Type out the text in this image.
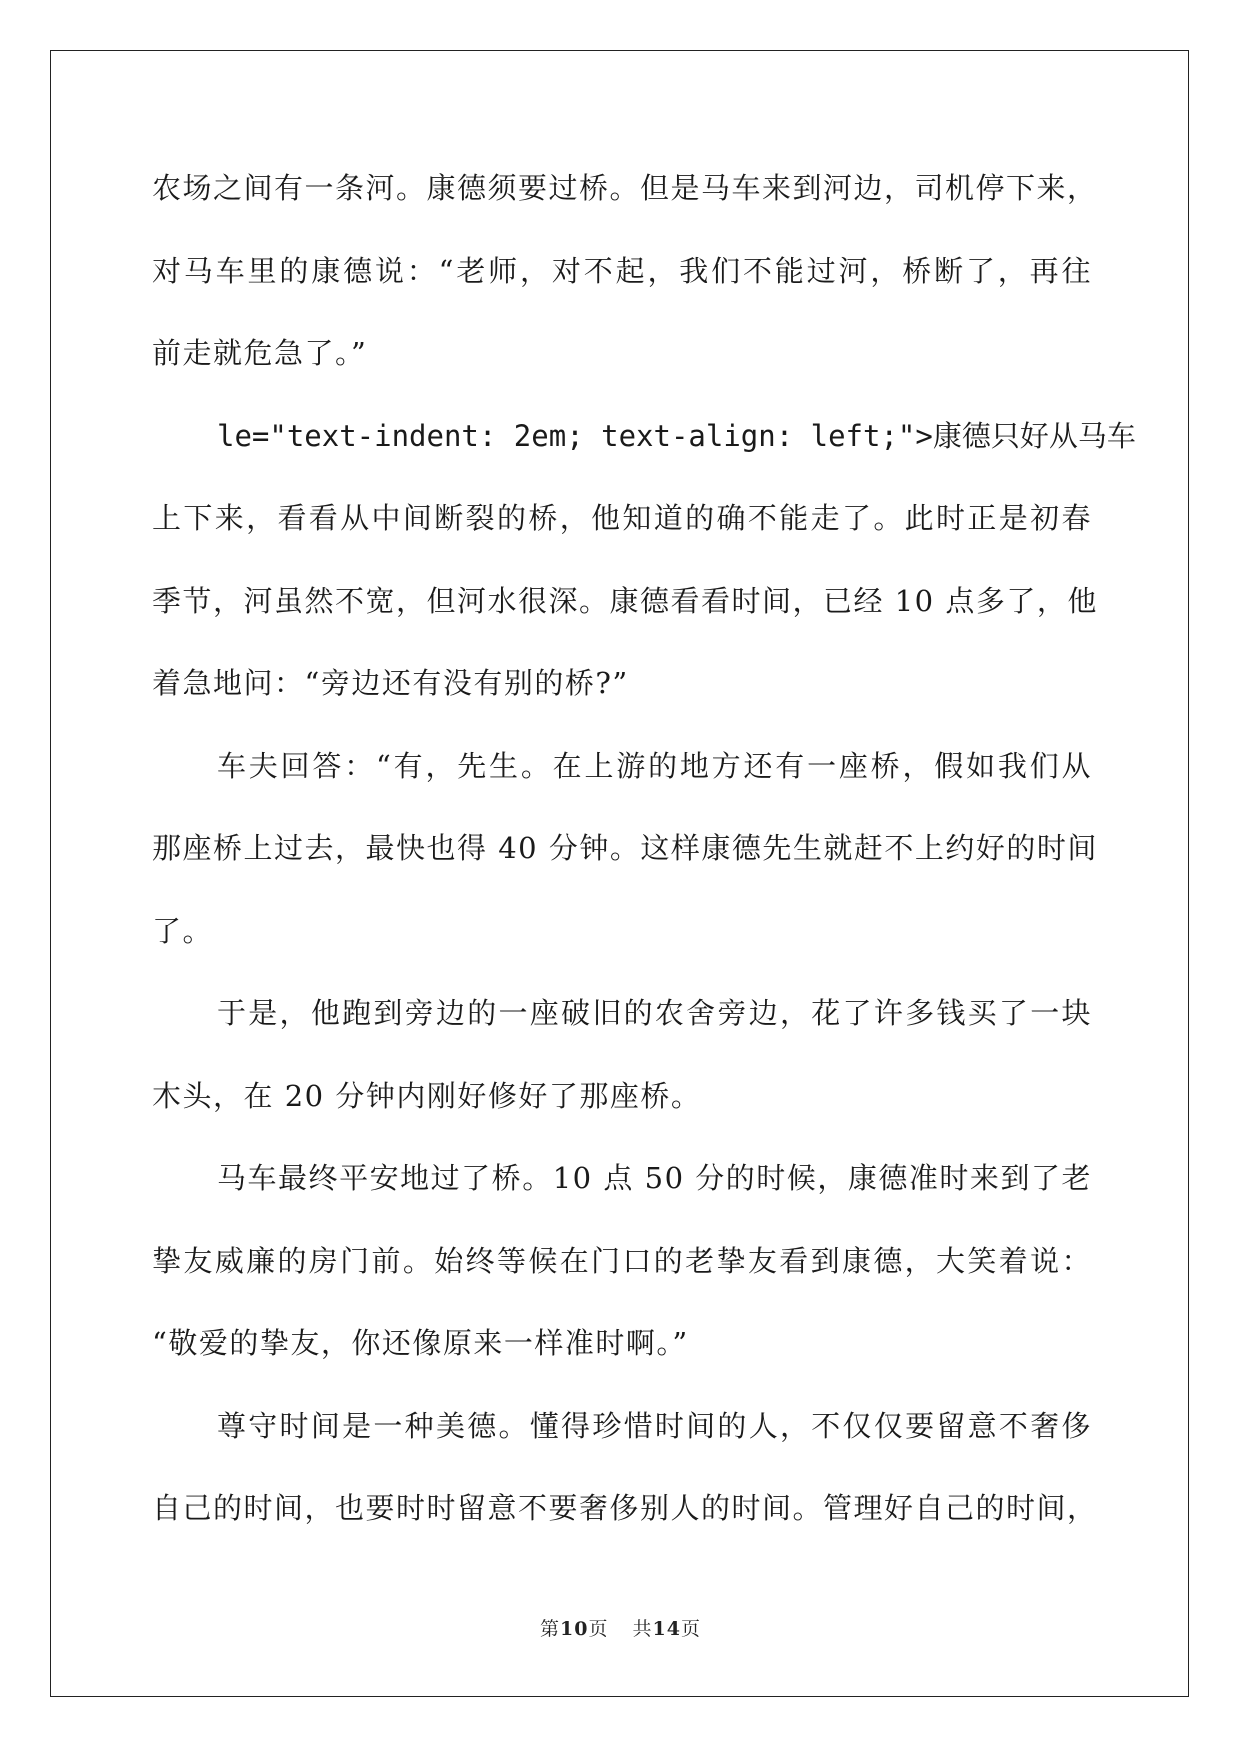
农场之间有一条河。康德须要过桥。但是马车来到河边，司机停下来，
对马车里的康德说：“老师，对不起，我们不能过河，桥断了，再往
前走就危急了。”
le="text-indent: 2em; text-align: left;">康德只好从马车
上下来，看看从中间断裂的桥，他知道的确不能走了。此时正是初春
季节，河虽然不宽，但河水很深。康德看看时间，已经 10 点多了，他
着急地问：“旁边还有没有别的桥?”
车夫回答：“有，先生。在上游的地方还有一座桥，假如我们从
那座桥上过去，最快也得 40 分钟。这样康德先生就赶不上约好的时间
了。
于是，他跑到旁边的一座破旧的农舍旁边，花了许多钱买了一块
木头，在 20 分钟内刚好修好了那座桥。
马车最终平安地过了桥。10 点 50 分的时候，康德准时来到了老
挚友威廉的房门前。始终等候在门口的老挚友看到康德，大笑着说：
“敬爱的挚友，你还像原来一样准时啊。”
尊守时间是一种美德。懂得珍惜时间的人，不仅仅要留意不奢侈
自己的时间，也要时时留意不要奢侈别人的时间。管理好自己的时间，
第10页 共14页
